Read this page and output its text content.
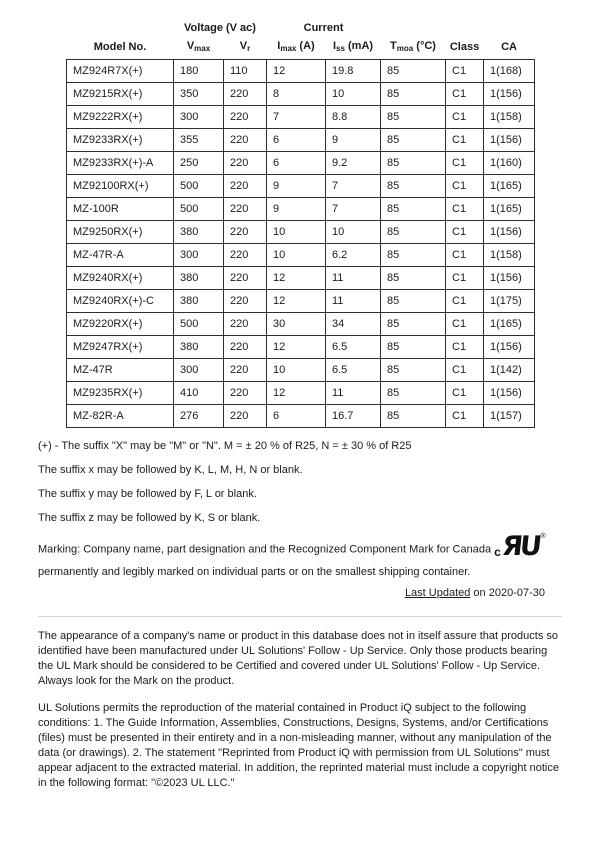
	Voltage (V ac)		Current				
Model No.	$V_{max}$	$V_r$	$I_{max}$ (A)	$I_{ss}$ (mA)	$T_{moa}$ (°C)	Class	CA
MZ924R7X(+)	180	110	12	19.8	85	C1	1(168)
MZ9215RX(+)	350	220	8	10	85	C1	1(156)
MZ9222RX(+)	300	220	7	8.8	85	C1	1(158)
MZ9233RX(+)	355	220	6	9	85	C1	1(156)
MZ9233RX(+)-A	250	220	6	9.2	85	C1	1(160)
MZ92100RX(+)	500	220	9	7	85	C1	1(165)
MZ-100R	500	220	9	7	85	C1	1(165)
MZ9250RX(+)	380	220	10	10	85	C1	1(156)
MZ-47R-A	300	220	10	6.2	85	C1	1(158)
MZ9240RX(+)	380	220	12	11	85	C1	1(156)
MZ9240RX(+)-C	380	220	12	11	85	C1	1(175)
MZ9220RX(+)	500	220	30	34	85	C1	1(165)
MZ9247RX(+)	380	220	12	6.5	85	C1	1(156)
MZ-47R	300	220	10	6.5	85	C1	1(142)
MZ9235RX(+)	410	220	12	11	85	C1	1(156)
MZ-82R-A	276	220	6	16.7	85	C1	1(157)

(+) - The suffix "X" may be "M" or "N". M = ± 20 % of R25, N = ± 30 % of R25

The suffix x may be followed by K, L, M, H, N or blank.

The suffix y may be followed by F, L or blank.

The suffix z may be followed by K, S or blank.

Marking: Company name, part designation and the Recognized Component Mark for Canada c ЯU ®
permanently and legibly marked on individual parts or on the smallest shipping container.

Last Updated on 2020-07-30

The appearance of a company's name or product in this database does not in itself assure that products so identified have been manufactured under UL Solutions' Follow - Up Service. Only those products bearing the UL Mark should be considered to be Certified and covered under UL Solutions' Follow - Up Service. Always look for the Mark on the product.

UL Solutions permits the reproduction of the material contained in Product iQ subject to the following conditions: 1. The Guide Information, Assemblies, Constructions, Designs, Systems, and/or Certifications (files) must be presented in their entirety and in a non-misleading manner, without any manipulation of the data (or drawings). 2. The statement "Reprinted from Product iQ with permission from UL Solutions" must appear adjacent to the extracted material. In addition, the reprinted material must include a copyright notice in the following format: "©2023 UL LLC."
